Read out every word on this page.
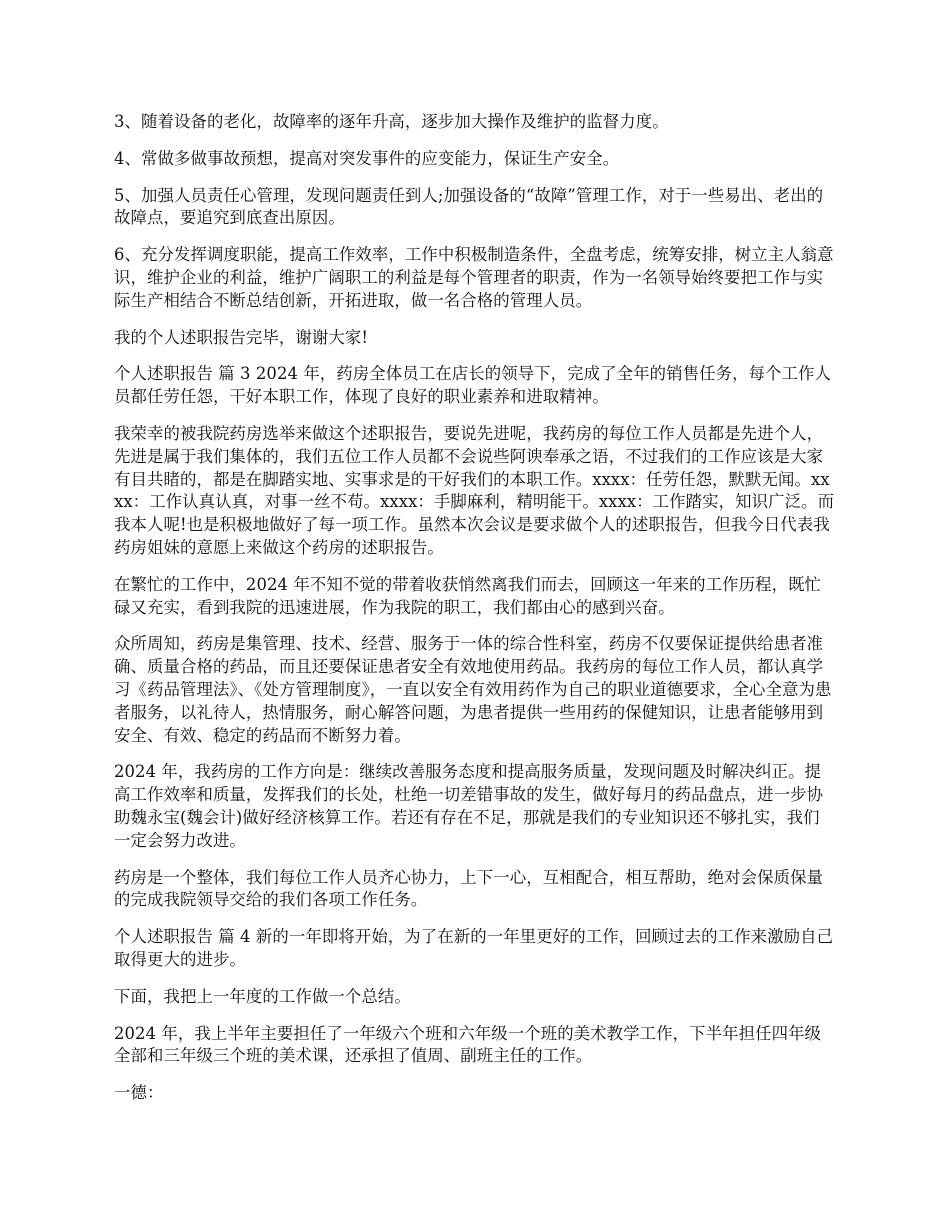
3、随着设备的老化，故障率的逐年升高，逐步加大操作及维护的监督力度。

4、常做多做事故预想，提高对突发事件的应变能力，保证生产安全。

5、加强人员责任心管理，发现问题责任到人;加强设备的“故障”管理工作，对于一些易出、老出的故障点，要追究到底查出原因。

6、充分发挥调度职能，提高工作效率，工作中积极制造条件，全盘考虑，统筹安排，树立主人翁意识，维护企业的利益，维护广阔职工的利益是每个管理者的职责，作为一名领导始终要把工作与实际生产相结合不断总结创新，开拓进取，做一名合格的管理人员。

我的个人述职报告完毕，谢谢大家!

个人述职报告 篇 3 2024 年，药房全体员工在店长的领导下，完成了全年的销售任务，每个工作人员都任劳任怨，干好本职工作，体现了良好的职业素养和进取精神。

我荣幸的被我院药房选举来做这个述职报告，要说先进呢，我药房的每位工作人员都是先进个人，先进是属于我们集体的，我们五位工作人员都不会说些阿谀奉承之语，不过我们的工作应该是大家有目共睹的，都是在脚踏实地、实事求是的干好我们的本职工作。xxxx：任劳任怨，默默无闻。xxxx：工作认真认真，对事一丝不苟。xxxx：手脚麻利，精明能干。xxxx：工作踏实，知识广泛。而我本人呢!也是积极地做好了每一项工作。虽然本次会议是要求做个人的述职报告，但我今日代表我药房姐妹的意愿上来做这个药房的述职报告。

在繁忙的工作中，2024 年不知不觉的带着收获悄然离我们而去，回顾这一年来的工作历程，既忙碌又充实，看到我院的迅速进展，作为我院的职工，我们都由心的感到兴奋。

众所周知，药房是集管理、技术、经营、服务于一体的综合性科室，药房不仅要保证提供给患者准确、质量合格的药品，而且还要保证患者安全有效地使用药品。我药房的每位工作人员，都认真学习《药品管理法》、《处方管理制度》，一直以安全有效用药作为自己的职业道德要求，全心全意为患者服务，以礼待人，热情服务，耐心解答问题，为患者提供一些用药的保健知识，让患者能够用到安全、有效、稳定的药品而不断努力着。

2024 年，我药房的工作方向是：继续改善服务态度和提高服务质量，发现问题及时解决纠正。提高工作效率和质量，发挥我们的长处，杜绝一切差错事故的发生，做好每月的药品盘点，进一步协助魏永宝(魏会计)做好经济核算工作。若还有存在不足，那就是我们的专业知识还不够扎实，我们一定会努力改进。

药房是一个整体，我们每位工作人员齐心协力，上下一心，互相配合，相互帮助，绝对会保质保量的完成我院领导交给的我们各项工作任务。

个人述职报告 篇 4 新的一年即将开始，为了在新的一年里更好的工作，回顾过去的工作来激励自己取得更大的进步。

下面，我把上一年度的工作做一个总结。

2024 年，我上半年主要担任了一年级六个班和六年级一个班的美术教学工作，下半年担任四年级全部和三年级三个班的美术课，还承担了值周、副班主任的工作。

一德：
